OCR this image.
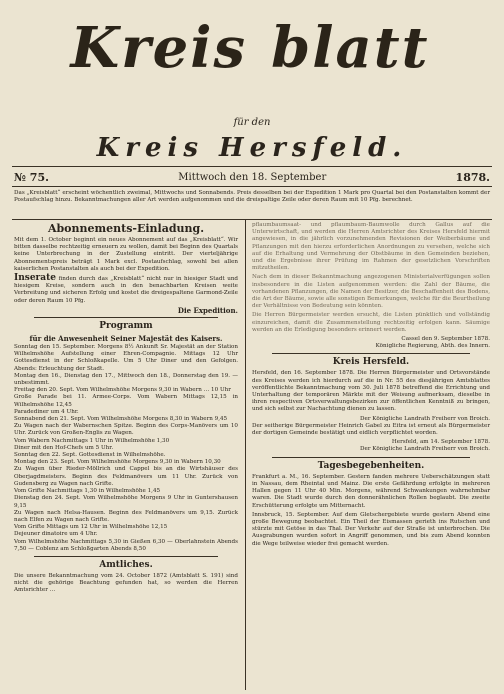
Kreis blatt
für den
Kreis Hersfeld.
№ 75.	Mittwoch den 18. September	1878.
Das „Kreisblatt“ erscheint wöchentlich zweimal, Mittwochs und Sonnabends. Preis desselben bei der Expedition 1 Mark pro Quartal bei den Postanstalten kommt der Postaufschlag hinzu. Bekanntmachungen aller Art werden aufgenommen und die dreispaltige Zeile oder deren Raum mit 10 Pfg. berechnet.
Abonnements-Einladung.
Mit dem 1. October beginnt ein neues Abonnement auf das „Kreisblatt“. Wir bitten dasselbe rechtzeitig erneuern zu wollen, damit bei Beginn des Quartals keine Unterbrechung in der Zustellung eintritt. Der vierteljährige Abonnementspreis beträgt 1 Mark excl. Postaufschlag, sowohl bei allen kaiserlichen Postanstalten als auch bei der Expedition.
Inserate finden durch das „Kreisblatt“ nicht nur in hiesiger Stadt und hiesigem Kreise, sondern auch in den benachbarten Kreisen weite Verbreitung und sicheren Erfolg und kostet die dreigespaltene Garmond-Zeile oder deren Raum 10 Pfg.
Die Expedition.
Programm
für die Anwesenheit Seiner Majestät des Kaisers.
Sonntag den 15. September. Morgens 8½ Ankunft Sr. Majestät an der Station Wilhelmshöhe Aufstellung einer Ehren-Compagnie. Mittags 12 Uhr Gottesdienst in der Schloßkapelle. Um 5 Uhr Diner und den Gefolgen. Abends: Erleuchtung der Stadt.
Montag den 16., Dienstag den 17., Mittwoch den 18., Donnerstag den 19. — unbestimmt.
Freitag den 20. Sept. Vom Wilhelmshöhe Morgens 9,30 in Wabern … 10 Uhr
Große Parade bei 11. Armee-Corps. Vom Wabern Mittags 12,15 in Wilhelmshöhe 12,45
Paradediner um 4 Uhr.
Sonnabend den 21. Sept. Vom Wilhelmshöhe Morgens 8,30 in Wabern 9,45
Zu Wagen nach der Wabernschen Spitze. Beginn des Corps-Manövers um 10 Uhr. Zurück von Großen-Englis zu Wagen.
Vom Wabern Nachmittags 1 Uhr in Wilhelmshöhe 1,30
Diner mit den Hof-Chefs um 5 Uhr.
Sonntag den 22. Sept. Gottesdienst in Wilhelmshöhe.
Montag den 23. Sept. Vom Wilhelmshöhe Morgens 9,30 in Wabern 10,30
Zu Wagen über Rieder-Möllrich und Cappel bis an die Wirtshäuser des Oberjagdmeisters. Beginn des Feldmanövers um 11 Uhr. Zurück von Gudensberg zu Wagen nach Grifte.
Vom Grifte Nachmittags 1,30 in Wilhelmshöhe 1,45
Dienstag den 24. Sept. Vom Wilhelmshöhe Morgens 9 Uhr in Guntershausen 9,15
Zu Wagen nach Helsa-Hausen. Beginn des Feldmanövers um 9,15. Zurück nach Elfen zu Wagen nach Grifte.
Vom Grifte Mittags um 12 Uhr in Wilhelmshöhe 12,15
Dejeuner dinatoire um 4 Uhr.
Vom Wilhelmshöhe Nachmittags 5,30 in Gießen 6,30 — Oberlahnstein Abends 7,50 — Coblenz am Schloßgarten Abends 8,50
Amtliches.
Die unsere Bekanntmachung vom 24. October 1872 (Amtsblatt S. 191) sind nicht die gehörige Beachtung gefunden hat, so werden die Herren Amtsrichter …
pflaumbaumsaat- und pflaumbaum-Baumwolle durch Gallus auf die Unterwirtschaft, und werden die Herren Amtsrichter des Kreises Hersfeld hiermit angewiesen, in die jährlich vorzunehmenden Revisionen der Weiberbäume und Pflanzungen mit den hierzu erforderlichen Anordnungen zu versehen, welche sich auf die Erhaltung und Vermehrung der Obstbäume in den Gemeinden beziehen, und die Ergebnisse ihrer Prüfung im Rahmen der gesetzlichen Vorschriften mitzutheilen.
Nach dem in dieser Bekanntmachung angezogenen Ministerialverfügungen sollen insbesondere in die Listen aufgenommen werden: die Zahl der Bäume, die vorhandenen Pflanzungen, die Namen der Besitzer, die Beschaffenheit des Bodens, die Art der Bäume, sowie alle sonstigen Bemerkungen, welche für die Beurtheilung der Verhältnisse von Bedeutung sein könnten.
Die Herren Bürgermeister werden ersucht, die Listen pünktlich und vollständig einzureichen, damit die Zusammenstellung rechtzeitig erfolgen kann. Säumige werden an die Erledigung besonders erinnert werden.
Cassel den 9. September 1878.
Königliche Regierung, Abth. des Innern.
Kreis Hersfeld.
Hersfeld, den 16. September 1878. Die Herren Bürgermeister und Ortsvorstände des Kreises werden ich hierdurch auf die in Nr. 55 des diesjährigen Amtsblattes veröffentlichte Bekanntmachung vom 30. Juli 1878 betreffend die Errichtung und Unterhaltung der temporären Märkte mit der Weisung aufmerksam, dieselbe in ihren respectiven Ortsverwaltungsbezirken zur öffentlichen Kenntniß zu bringen, und sich selbst zur Nachachtung dienen zu lassen.
Der Königliche Landrath Freiherr von Broich.
Der seitherige Bürgermeister Heinrich Gabel zu Eitra ist erneut als Bürgermeister der dortigen Gemeinde bestätigt und eidlich verpflichtet worden.
Hersfeld, am 14. September 1878.
Der Königliche Landrath Freiherr von Broich.
Tagesbegebenheiten.
Frankfurt a. M., 16. September. Gestern fanden mehrere Ueberschätzungen statt in Nassau, dem Rheintal und Mainz. Die erste Gefährdung erfolgte in mehreren Hallen gegen 11 Uhr 40 Min. Morgens, während Schwankungen wahrnehmbar waren. Die Stadt wurde durch den donnerähnlichen Rollen beglaubt. Die zweite Erschütterung erfolgte um Mitternacht.
Innsbruck, 15. September. Auf dem Gletschergebiete wurde gestern Abend eine große Bewegung beobachtet. Ein Theil der Eismassen gerieth ins Rutschen und stürzte mit Getöse in das Thal. Der Verkehr auf der Straße ist unterbrochen. Die Ausgrabungen wurden sofort in Angriff genommen, und bis zum Abend konnten die Wege teilweise wieder frei gemacht werden.
